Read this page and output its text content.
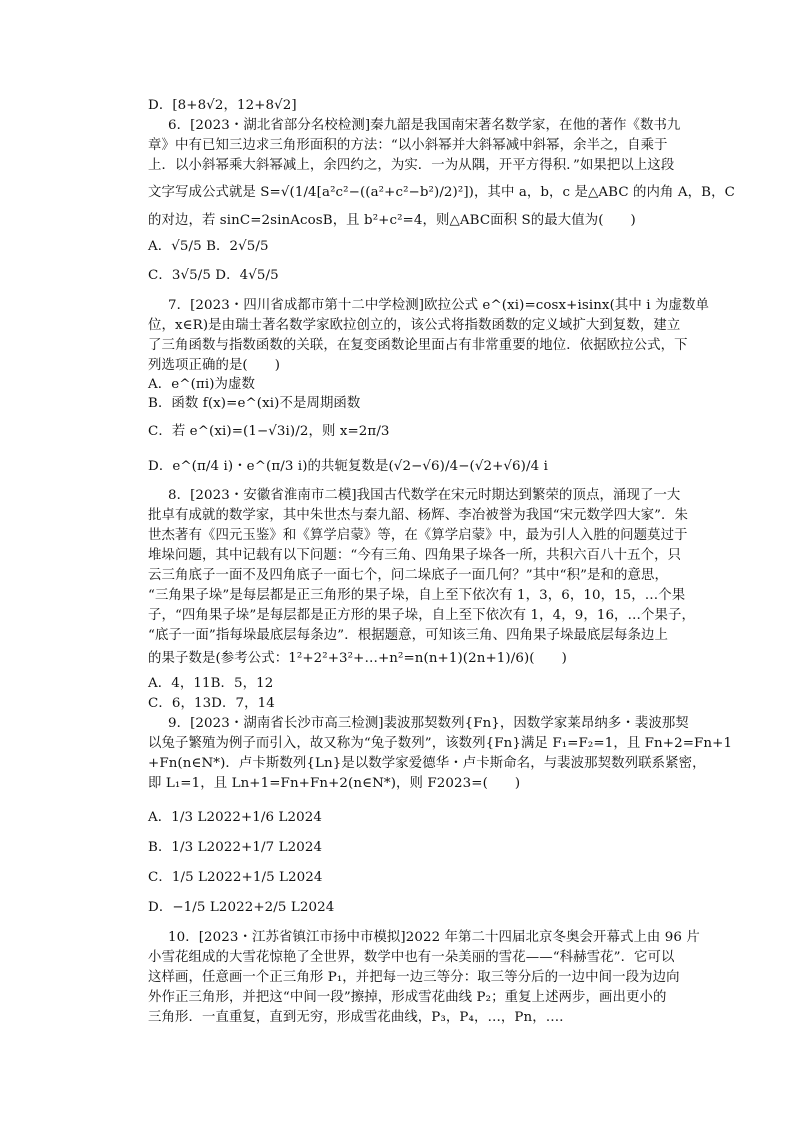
D．[8+8√2，12+8√2]
6．[2023・湖北省部分名校检测]秦九韶是我国南宋著名数学家，在他的著作《数书九
章》中有已知三边求三角形面积的方法：“以小斜幂并大斜幂减中斜幂，余半之，自乘于
上．以小斜幂乘大斜幂减上，余四约之，为实．一为从隅，开平方得积．”如果把以上这段
文字写成公式就是 S=√(1/4[a²c²−((a²+c²−b²)/2)²])，其中 a，b，c 是△ABC 的内角 A，B，C
的对边，若 sinC=2sinAcosB，且 b²+c²=4，则△ABC面积 S的最大值为(　　)
A．√5/5 B．2√5/5
C．3√5/5 D．4√5/5
7．[2023・四川省成都市第十二中学检测]欧拉公式 e^(xi)=cosx+isinx(其中 i 为虚数单
位，x∈R)是由瑞士著名数学家欧拉创立的，该公式将指数函数的定义域扩大到复数，建立
了三角函数与指数函数的关联，在复变函数论里面占有非常重要的地位．依据欧拉公式，下
列选项正确的是(　　)
A．e^(πi)为虚数
B．函数 f(x)=e^(xi)不是周期函数
C．若 e^(xi)=(1−√3i)/2，则 x=2π/3
D．e^(π/4 i)・e^(π/3 i)的共轭复数是(√2−√6)/4−(√2+√6)/4 i
8．[2023・安徽省淮南市二模]我国古代数学在宋元时期达到繁荣的顶点，涌现了一大
批卓有成就的数学家，其中朱世杰与秦九韶、杨辉、李冶被誉为我国“宋元数学四大家”．朱
世杰著有《四元玉鉴》和《算学启蒙》等，在《算学启蒙》中，最为引人入胜的问题莫过于
堆垛问题，其中记载有以下问题：“今有三角、四角果子垛各一所，共积六百八十五个，只
云三角底子一面不及四角底子一面七个，问二垛底子一面几何？”其中“积”是和的意思，
“三角果子垛”是每层都是正三角形的果子垛，自上至下依次有 1，3，6，10，15，…个果
子，“四角果子垛”是每层都是正方形的果子垛，自上至下依次有 1，4，9，16，…个果子，
“底子一面”指每垛最底层每条边”．根据题意，可知该三角、四角果子垛最底层每条边上
的果子数是(参考公式：1²+2²+3²+…+n²=n(n+1)(2n+1)/6)(　　)
A．4，11B．5，12
C．6，13D．7，14
9．[2023・湖南省长沙市高三检测]裴波那契数列{Fn}，因数学家莱昂纳多・裴波那契
以兔子繁殖为例子而引入，故又称为“兔子数列”，该数列{Fn}满足 F₁=F₂=1，且 Fn+2=Fn+1
+Fn(n∈N*)．卢卡斯数列{Ln}是以数学家爱德华・卢卡斯命名，与裴波那契数列联系紧密，
即 L₁=1，且 Ln+1=Fn+Fn+2(n∈N*)，则 F2023=(　　)
A．1/3 L2022+1/6 L2024
B．1/3 L2022+1/7 L2024
C．1/5 L2022+1/5 L2024
D．−1/5 L2022+2/5 L2024
10．[2023・江苏省镇江市扬中市模拟]2022 年第二十四届北京冬奥会开幕式上由 96 片
小雪花组成的大雪花惊艳了全世界，数学中也有一朵美丽的雪花——“科赫雪花”．它可以
这样画，任意画一个正三角形 P₁，并把每一边三等分：取三等分后的一边中间一段为边向
外作正三角形，并把这“中间一段”擦掉，形成雪花曲线 P₂；重复上述两步，画出更小的
三角形．一直重复，直到无穷，形成雪花曲线，P₃，P₄，…，Pn，…．
